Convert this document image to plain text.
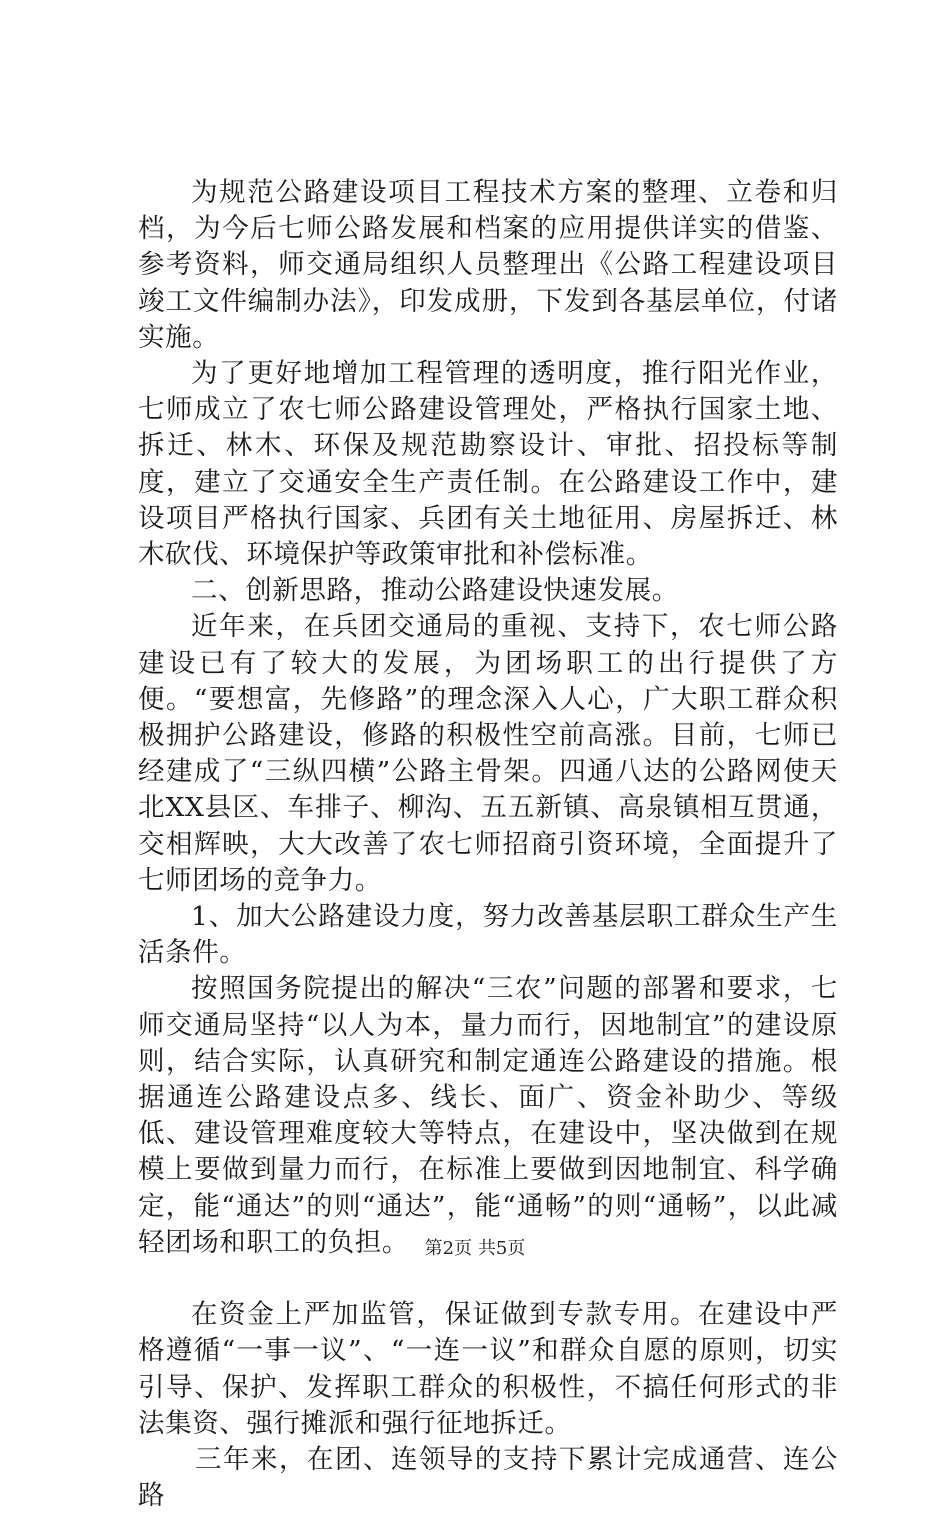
为规范公路建设项目工程技术方案的整理、立卷和归档，为今后七师公路发展和档案的应用提供详实的借鉴、参考资料，师交通局组织人员整理出《公路工程建设项目竣工文件编制办法》，印发成册，下发到各基层单位，付诸实施。

为了更好地增加工程管理的透明度，推行阳光作业，七师成立了农七师公路建设管理处，严格执行国家土地、拆迁、林木、环保及规范勘察设计、审批、招投标等制度，建立了交通安全生产责任制。在公路建设工作中，建设项目严格执行国家、兵团有关土地征用、房屋拆迁、林木砍伐、环境保护等政策审批和补偿标准。

二、创新思路，推动公路建设快速发展。

近年来，在兵团交通局的重视、支持下，农七师公路建设已有了较大的发展，为团场职工的出行提供了方便。“要想富，先修路”的理念深入人心，广大职工群众积极拥护公路建设，修路的积极性空前高涨。目前，七师已经建成了“三纵四横”公路主骨架。四通八达的公路网使天北XX县区、车排子、柳沟、五五新镇、高泉镇相互贯通，交相辉映，大大改善了农七师招商引资环境，全面提升了七师团场的竞争力。

1、加大公路建设力度，努力改善基层职工群众生产生活条件。

按照国务院提出的解决“三农”问题的部署和要求，七师交通局坚持“以人为本，量力而行，因地制宜”的建设原则，结合实际，认真研究和制定通连公路建设的措施。根据通连公路建设点多、线长、面广、资金补助少、等级低、建设管理难度较大等特点，在建设中，坚决做到在规模上要做到量力而行，在标准上要做到因地制宜、科学确定，能“通达”的则“通达”，能“通畅”的则“通畅”，以此减轻团场和职工的负担。

在资金上严加监管，保证做到专款专用。在建设中严格遵循“一事一议”、“一连一议”和群众自愿的原则，切实引导、保护、发挥职工群众的积极性，不搞任何形式的非法集资、强行摊派和强行征地拆迁。

三年来，在团、连领导的支持下累计完成通营、连公路

第2页 共5页
